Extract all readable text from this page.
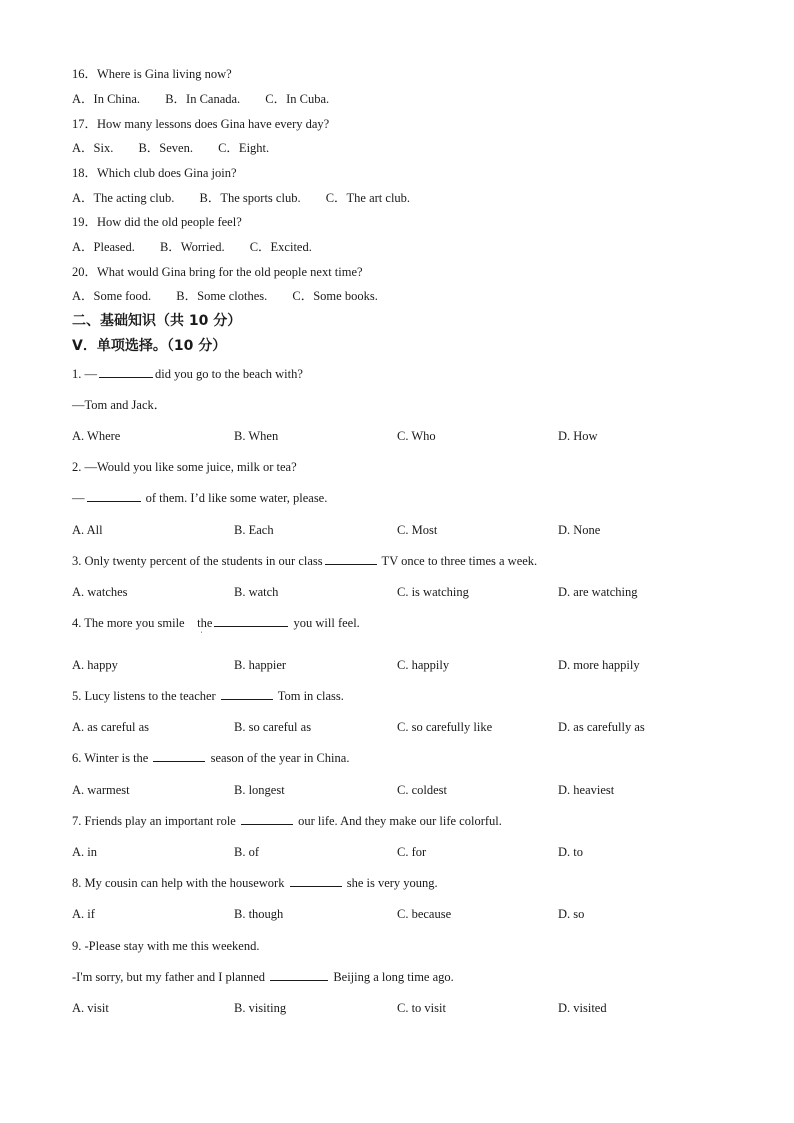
16．Where is Gina living now?
A．In China. B．In Canada. C．In Cuba.
17．How many lessons does Gina have every day?
A．Six. B．Seven. C．Eight.
18．Which club does Gina join?
A．The acting club. B．The sports club. C．The art club.
19．How did the old people feel?
A．Pleased. B．Worried. C．Excited.
20．What would Gina bring for the old people next time?
A．Some food. B．Some clothes. C．Some books.
二、基础知识（共 10 分）
Ⅴ．单项选择。（10 分）
1. —	did you go to the beach with?
—Tom and Jack．
A. Where	B. When	C. Who	D. How
2. —Would you like some juice, milk or tea?
—	of them. I’d like some water, please.
A. All	B. Each	C. Most	D. None
3. Only twenty percent of the students in our class	TV once to three times a week.
A. watches	B. watch	C. is watching	D. are watching
4. The more you smile    the	you will feel.
ˈ
A. happy	B. happier	C. happily	D. more happily
5. Lucy listens to the teacher	Tom in class.
A. as careful as	B. so careful as	C. so carefully like	D. as carefully as
6. Winter is the	season of the year in China.
A. warmest	B. longest	C. coldest	D. heaviest
7. Friends play an important role	our life. And they make our life colorful.
A. in	B. of	C. for	D. to
8. My cousin can help with the housework	she is very young.
A. if	B. though	C. because	D. so
9. -Please stay with me this weekend.
-I'm sorry, but my father and I planned	Beijing a long time ago.
A. visit	B. visiting	C. to visit	D. visited
